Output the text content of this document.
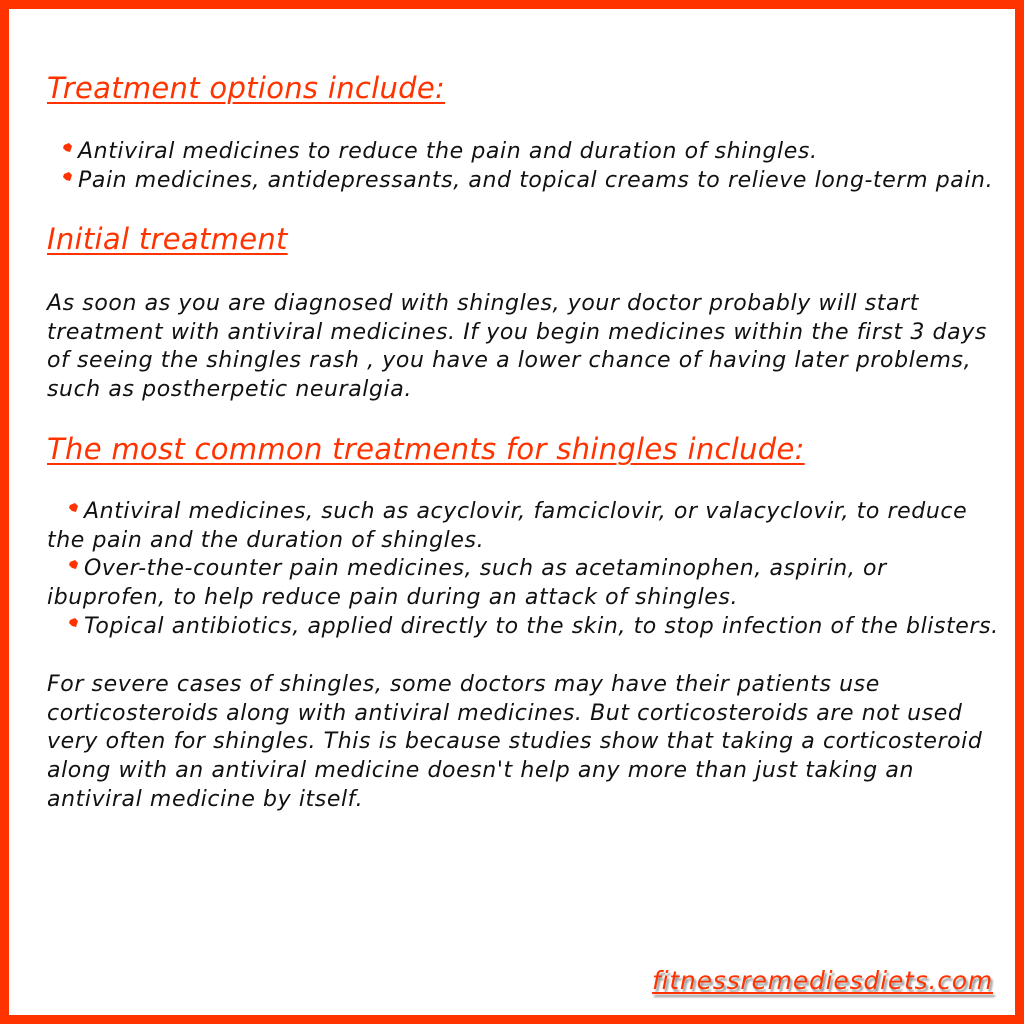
Treatment options include:
Antiviral medicines to reduce the pain and duration of shingles.
Pain medicines, antidepressants, and topical creams to relieve long-term pain.
Initial treatment

As soon as you are diagnosed with shingles, your doctor probably will start treatment with antiviral medicines. If you begin medicines within the first 3 days of seeing the shingles rash , you have a lower chance of having later problems, such as postherpetic neuralgia.

The most common treatments for shingles include:
Antiviral medicines, such as acyclovir, famciclovir, or valacyclovir, to reduce the pain and the duration of shingles.
Over-the-counter pain medicines, such as acetaminophen, aspirin, or ibuprofen, to help reduce pain during an attack of shingles.
Topical antibiotics, applied directly to the skin, to stop infection of the blisters.

For severe cases of shingles, some doctors may have their patients use corticosteroids along with antiviral medicines. But corticosteroids are not used very often for shingles. This is because studies show that taking a corticosteroid along with an antiviral medicine doesn't help any more than just taking an antiviral medicine by itself.

fitnessremediesdiets.com
